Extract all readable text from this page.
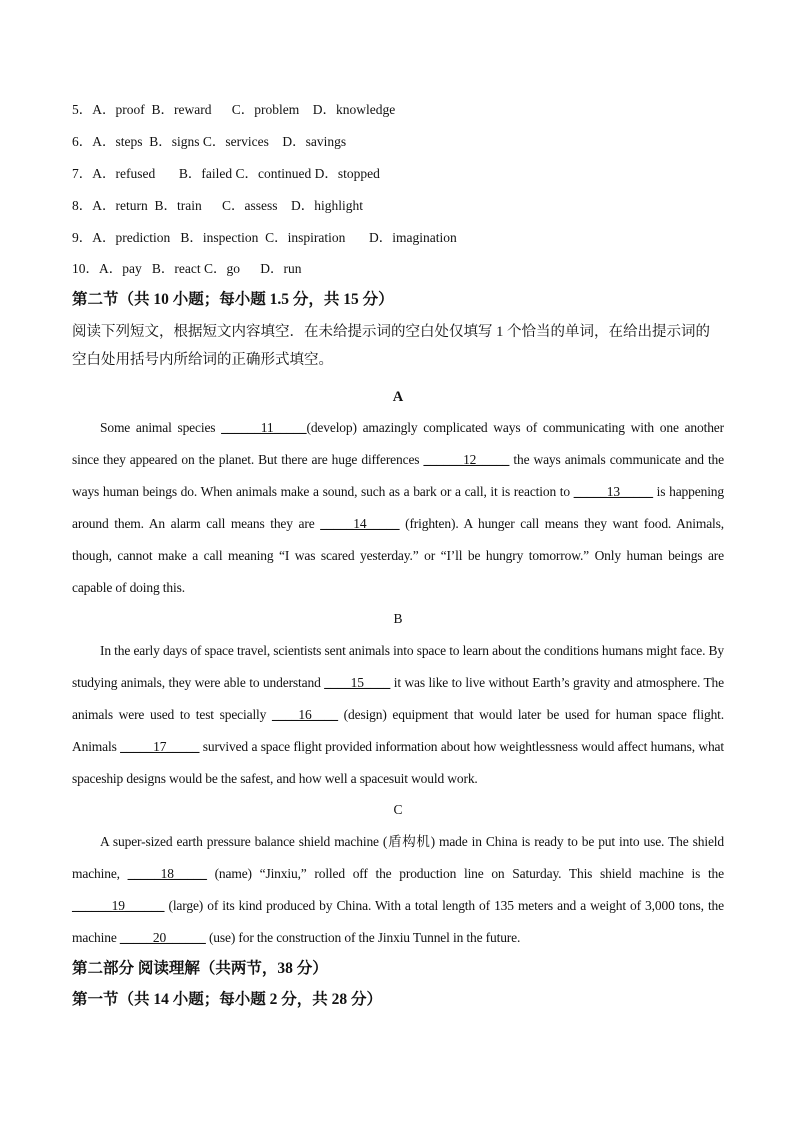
5．A．proof  B．reward      C．problem    D．knowledge
6．A．steps  B．signs C．services    D．savings
7．A．refused       B．failed C．continued D．stopped
8．A．return  B．train      C．assess    D．highlight
9．A．prediction   B．inspection  C．inspiration       D．imagination
10．A．pay   B．react C．go      D．run
第二节（共 10 小题；每小题 1.5 分，共 15 分）
阅读下列短文，根据短文内容填空．在未给提示词的空白处仅填写 1 个恰当的单词，在给出提示词的空白处用括号内所给词的正确形式填空。
A
Some animal species ______11_____(develop) amazingly complicated ways of communicating with one another since they appeared on the planet. But there are huge differences ______12_____ the ways animals communicate and the ways human beings do. When animals make a sound, such as a bark or a call, it is reaction to _____13_____ is happening around them. An alarm call means they are _____14_____ (frighten). A hunger call means they want food. Animals, though, cannot make a call meaning “I was scared yesterday.” or “I’ll be hungry tomorrow.” Only human beings are capable of doing this.
B
In the early days of space travel, scientists sent animals into space to learn about the conditions humans might face. By studying animals, they were able to understand ____15____ it was like to live without Earth’s gravity and atmosphere. The animals were used to test specially ____16____ (design) equipment that would later be used for human space flight. Animals _____17_____ survived a space flight provided information about how weightlessness would affect humans, what spaceship designs would be the safest, and how well a spacesuit would work.
C
A super-sized earth pressure balance shield machine (盾构机) made in China is ready to be put into use. The shield machine, _____18_____ (name) “Jinxiu,” rolled off the production line on Saturday. This shield machine is the ______19______ (large) of its kind produced by China. With a total length of 135 meters and a weight of 3,000 tons, the machine _____20______ (use) for the construction of the Jinxiu Tunnel in the future.
第二部分 阅读理解（共两节，38 分）
第一节（共 14 小题；每小题 2 分，共 28 分）
